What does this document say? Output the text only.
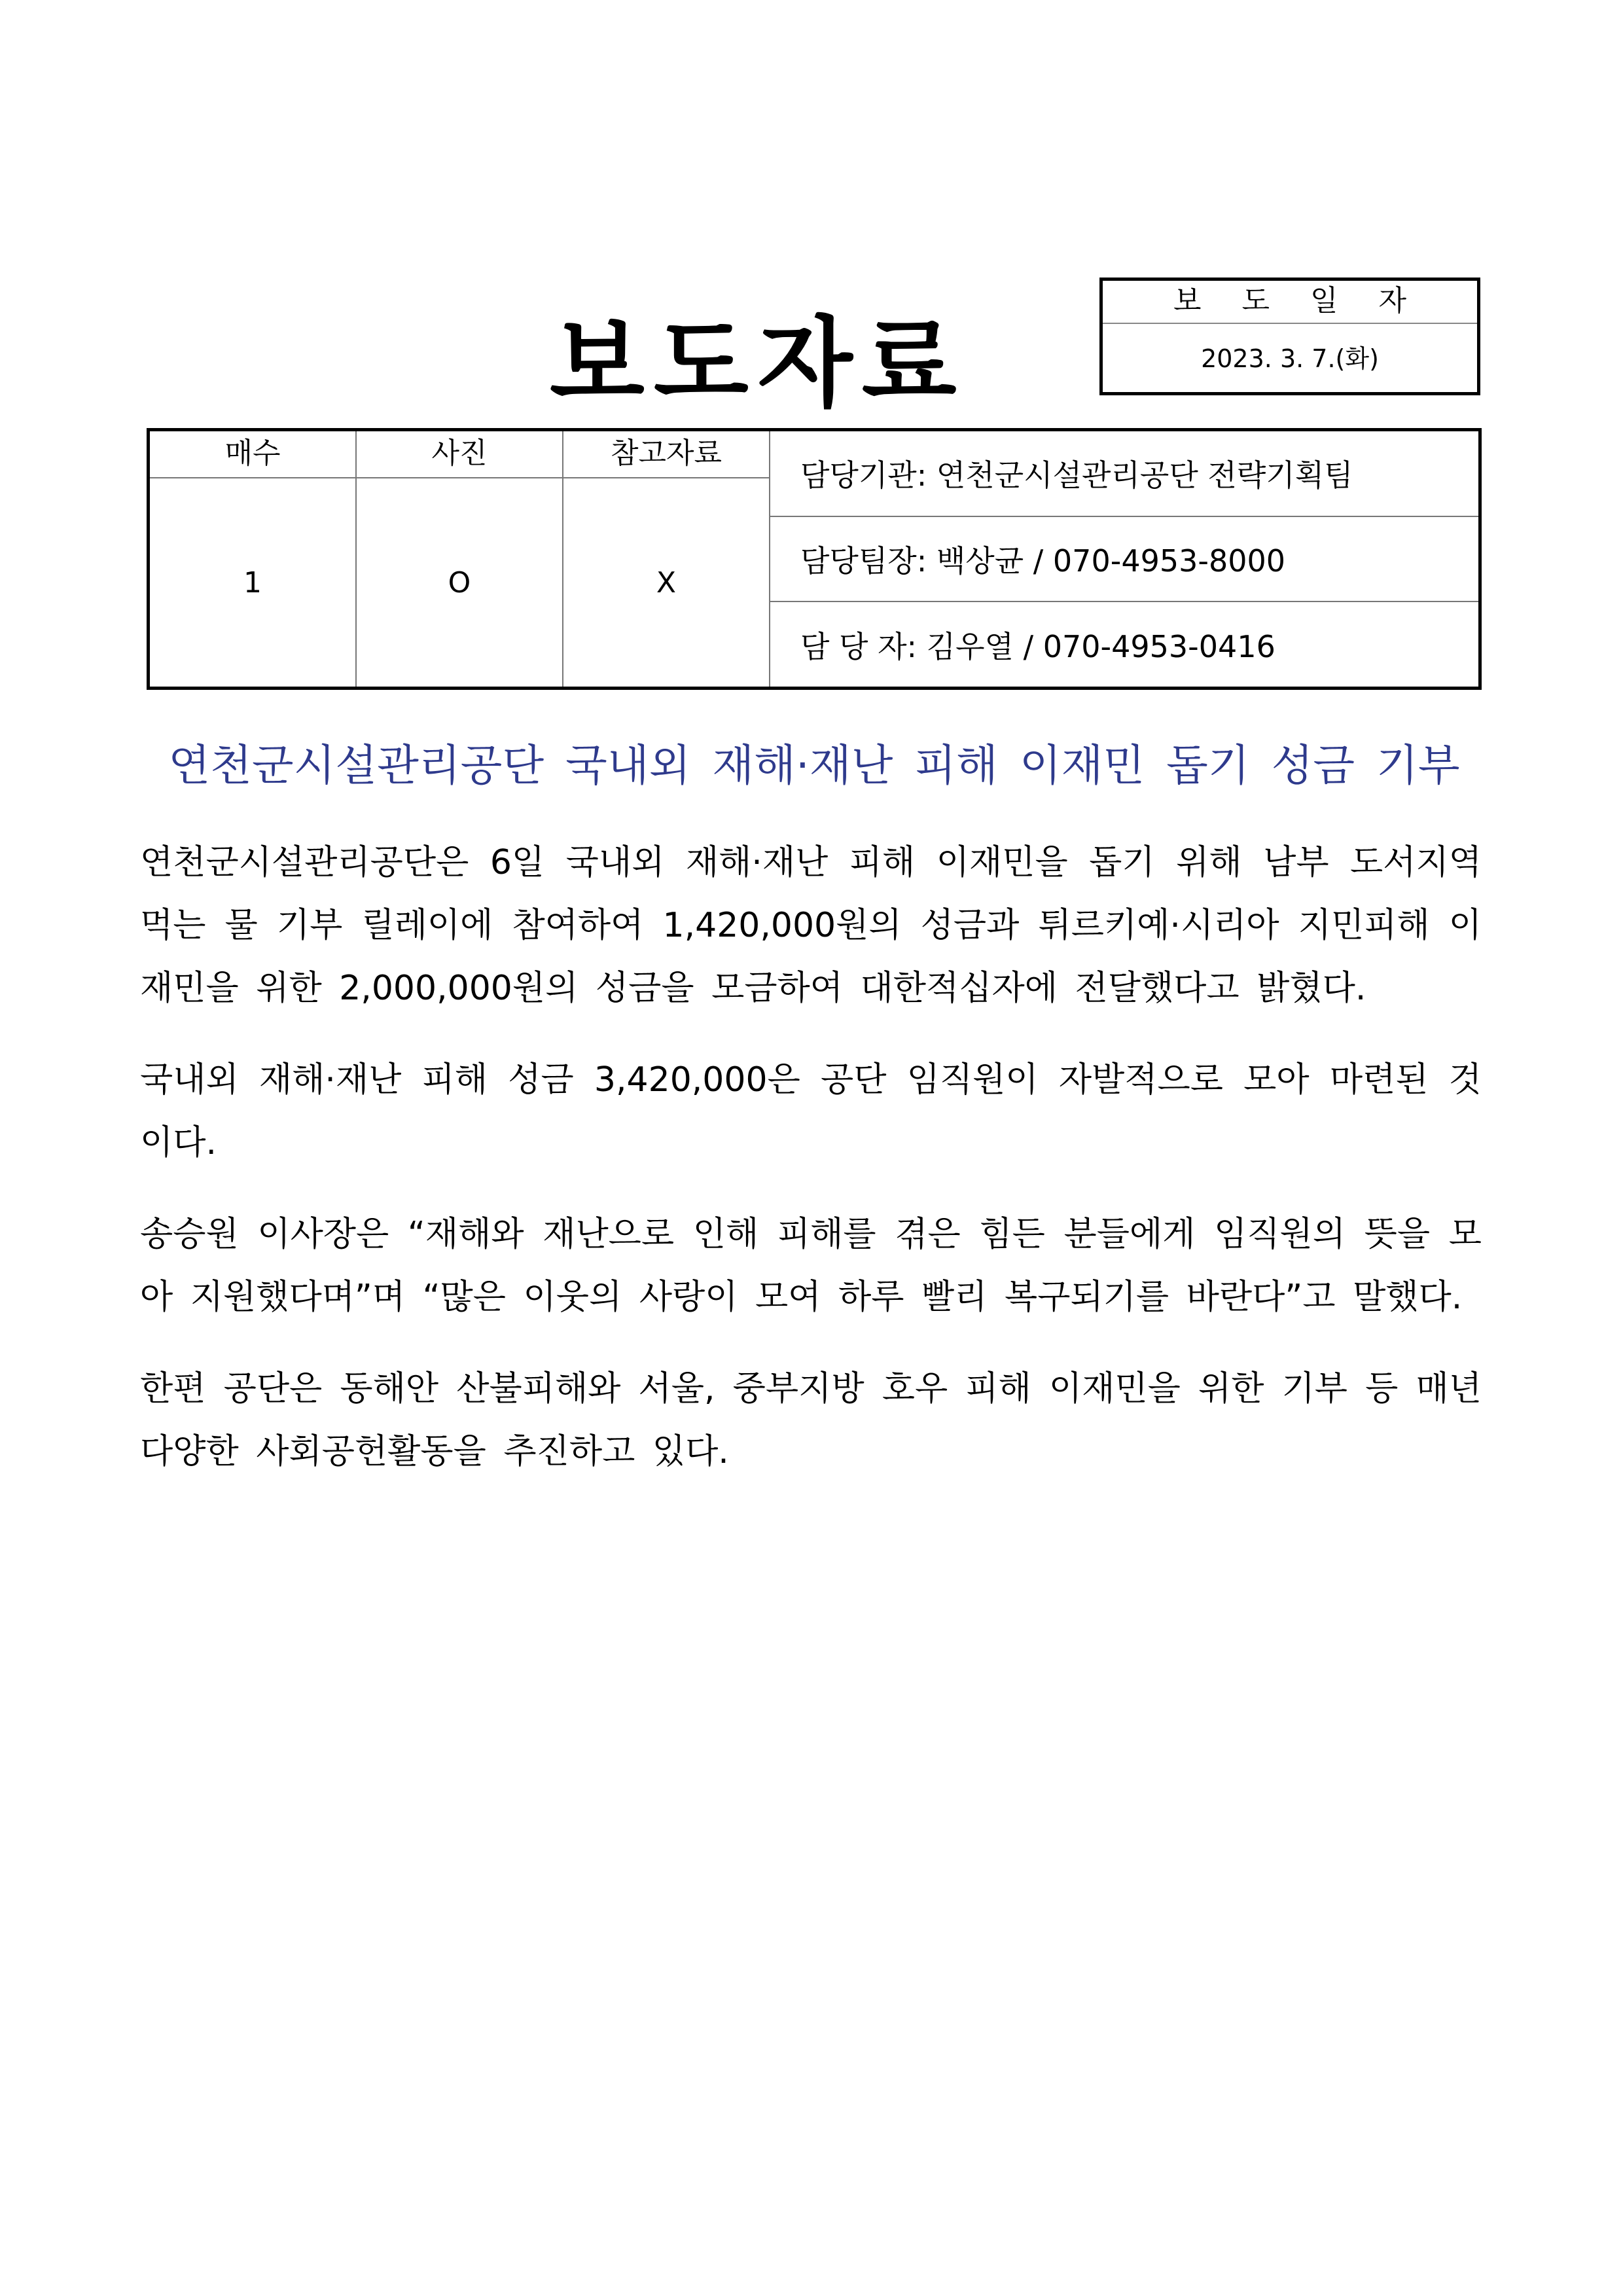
보도자료
보 도 일 자
2023. 3. 7.(화)
매수
1
사진
O
참고자료
X
담당기관: 연천군시설관리공단 전략기획팀
담당팀장: 백상균 / 070-4953-8000
담 당 자: 김우열 / 070-4953-0416
연천군시설관리공단 국내외 재해·재난 피해 이재민 돕기 성금 기부

연천군시설관리공단은 6일 국내외 재해·재난 피해 이재민을 돕기 위해 남부 도서지역 먹는 물 기부 릴레이에 참여하여 1,420,000원의 성금과 튀르키예·시리아 지민피해 이재민을 위한 2,000,000원의 성금을 모금하여 대한적십자에 전달했다고 밝혔다.

국내외 재해·재난 피해 성금 3,420,000은 공단 임직원이 자발적으로 모아 마련된 것이다.

송승원 이사장은 “재해와 재난으로 인해 피해를 겪은 힘든 분들에게 임직원의 뜻을 모아 지원했다며”며 “많은 이웃의 사랑이 모여 하루 빨리 복구되기를 바란다”고 말했다.

한편 공단은 동해안 산불피해와 서울, 중부지방 호우 피해 이재민을 위한 기부 등 매년 다양한 사회공헌활동을 추진하고 있다.
